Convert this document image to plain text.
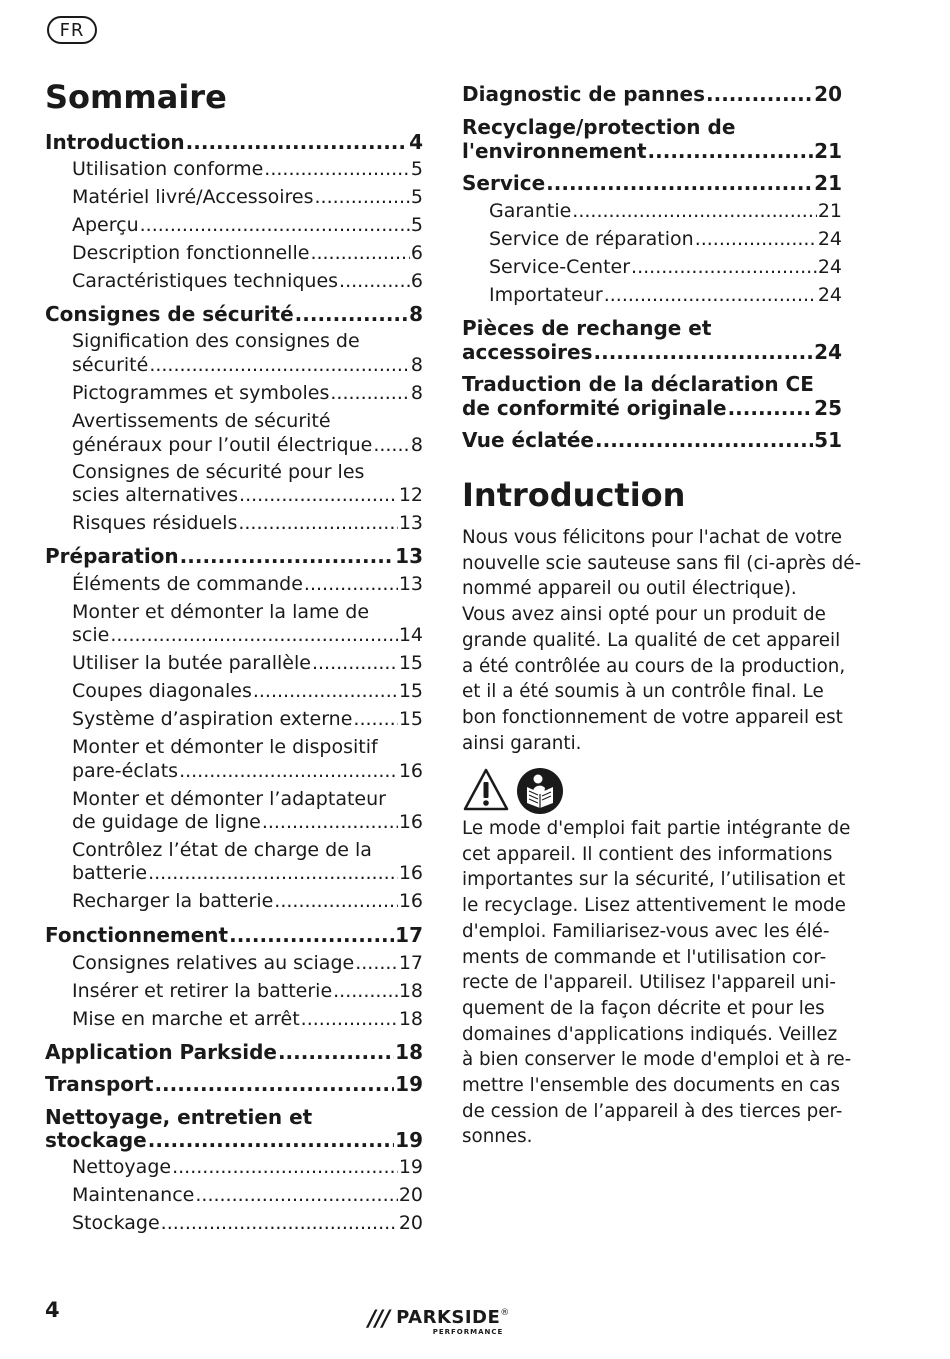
FR
Sommaire
Introduction .....	4
Utilisation conforme .....	5
Matériel livré/Accessoires .....	5
Aperçu .....	5
Description fonctionnelle .....	6
Caractéristiques techniques .....	6
Consignes de sécurité .....	8
Signification des consignes de
sécurité .....	8
Pictogrammes et symboles .....	8
Avertissements de sécurité
généraux pour l’outil électrique ..... 8
Consignes de sécurité pour les
scies alternatives .....	12
Risques résiduels .....	13
Préparation .....	13
Éléments de commande .....	13
Monter et démonter la lame de
scie .....	14
Utiliser la butée parallèle .....	15
Coupes diagonales .....	15
Système d’aspiration externe ..... 15
Monter et démonter le dispositif
pare-éclats .....	16
Monter et démonter l’adaptateur
de guidage de ligne .....	16
Contrôlez l’état de charge de la
batterie .....	16
Recharger la batterie .....	16
Fonctionnement .....	17
Consignes relatives au sciage ..... 17
Insérer et retirer la batterie .....	18
Mise en marche et arrêt .....	18
Application Parkside .....	18
Transport .....	19
Nettoyage, entretien et
stockage .....	19
Nettoyage .....	19
Maintenance .....	20
Stockage .....	20
Diagnostic de pannes .....	20
Recyclage/protection de
l'environnement .....	21
Service .....	21
Garantie .....	21
Service de réparation .....	24
Service-Center .....	24
Importateur .....	24
Pièces de rechange et
accessoires .....	24
Traduction de la déclaration CE
de conformité originale .....	25
Vue éclatée .....	51
Introduction
Nous vous félicitons pour l'achat de votre
nouvelle scie sauteuse sans fil (ci-après dé-
nommé appareil ou outil électrique).
Vous avez ainsi opté pour un produit de
grande qualité. La qualité de cet appareil
a été contrôlée au cours de la production,
et il a été soumis à un contrôle final. Le
bon fonctionnement de votre appareil est
ainsi garanti.
Le mode d'emploi fait partie intégrante de
cet appareil. Il contient des informations
importantes sur la sécurité, l’utilisation et
le recyclage. Lisez attentivement le mode
d'emploi. Familiarisez-vous avec les élé-
ments de commande et l'utilisation cor-
recte de l'appareil. Utilisez l'appareil uni-
quement de la façon décrite et pour les
domaines d'applications indiqués. Veillez
à bien conserver le mode d'emploi et à re-
mettre l'ensemble des documents en cas
de cession de l’appareil à des tierces per-
sonnes.
4	/// PARKSIDE®
PERFORMANCE
